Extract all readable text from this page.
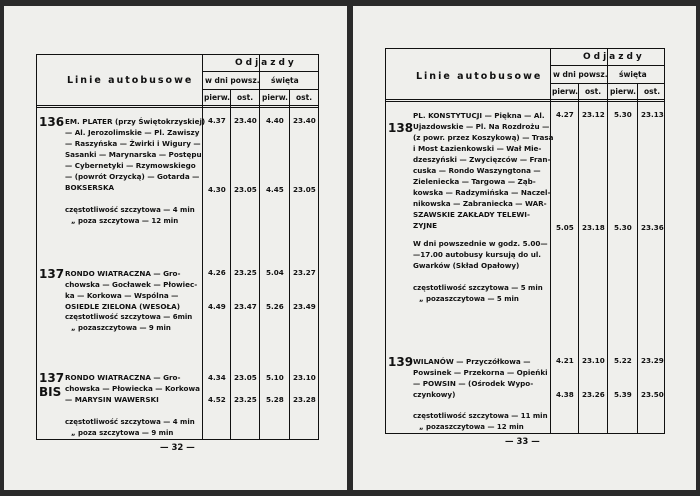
Linie autobusowe
Odjazdy
w dni powsz. święta
pierw. ost. pierw. ost.
136 EM. PLATER (przy Świętokrzyskiej)
— Al. Jerozolimskie — Pl. Zawiszy
— Raszyńska — Żwirki i Wigury —
Sasanki — Marynarska — Postępu
— Cybernetyki — Rzymowskiego
— (powrót Orzycką) — Gotarda —
BOKSERSKA
częstotliwość szczytowa — 4 min
„ poza szczytowa — 12 min
4.37 23.40 4.40 23.40
4.30 23.05 4.45 23.05
137 RONDO WIATRACZNA — Gro-
chowska — Gocławek — Płowiec-
ka — Korkowa — Wspólna —
OSIEDLE ZIELONA (WESOŁA)
częstotliwość szczytowa — 6min
„ pozaszczytowa — 9 min
4.26 23.25 5.04 23.27
4.49 23.47 5.26 23.49
137
BIS
RONDO WIATRACZNA — Gro-
chowska — Płowiecka — Korkowa
— MARYSIN WAWERSKI
częstotliwość szczytowa — 4 min
„ poza szczytowa — 9 min
4.34 23.05 5.10 23.10
4.52 23.25 5.28 23.28
— 32 —
Linie autobusowe
Odjazdy
w dni powsz. święta
pierw. ost. pierw. ost.
138
PL. KONSTYTUCJI — Piękna — Al.
Ujazdowskie — Pl. Na Rozdrożu —
(z powr. przez Koszykową) — Trasa
i Most Łazienkowski — Wał Mie-
dzeszyński — Zwycięzców — Fran-
cuska — Rondo Waszyngtona —
Zieleniecka — Targowa — Ząb-
kowska — Radzymińska — Naczel-
nikowska — Zabraniecka — WAR-
SZAWSKIE ZAKŁADY TELEWI-
ZYJNE
W dni powszednie w godz. 5.00—
—17.00 autobusy kursują do ul.
Gwarków (Skład Opałowy)
częstotliwość szczytowa — 5 min
„ pozaszczytowa — 5 min
4.27 23.12 5.30 23.13
5.05 23.18 5.30 23.36
139 WILANÓW — Przyczółkowa —
Powsinek — Przekorna — Opieńki
— POWSIN — (Ośrodek Wypo-
czynkowy)
częstotliwość szczytowa — 11 min
„ pozaszczytowa — 12 min
4.21 23.10 5.22 23.29
4.38 23.26 5.39 23.50
— 33 —
